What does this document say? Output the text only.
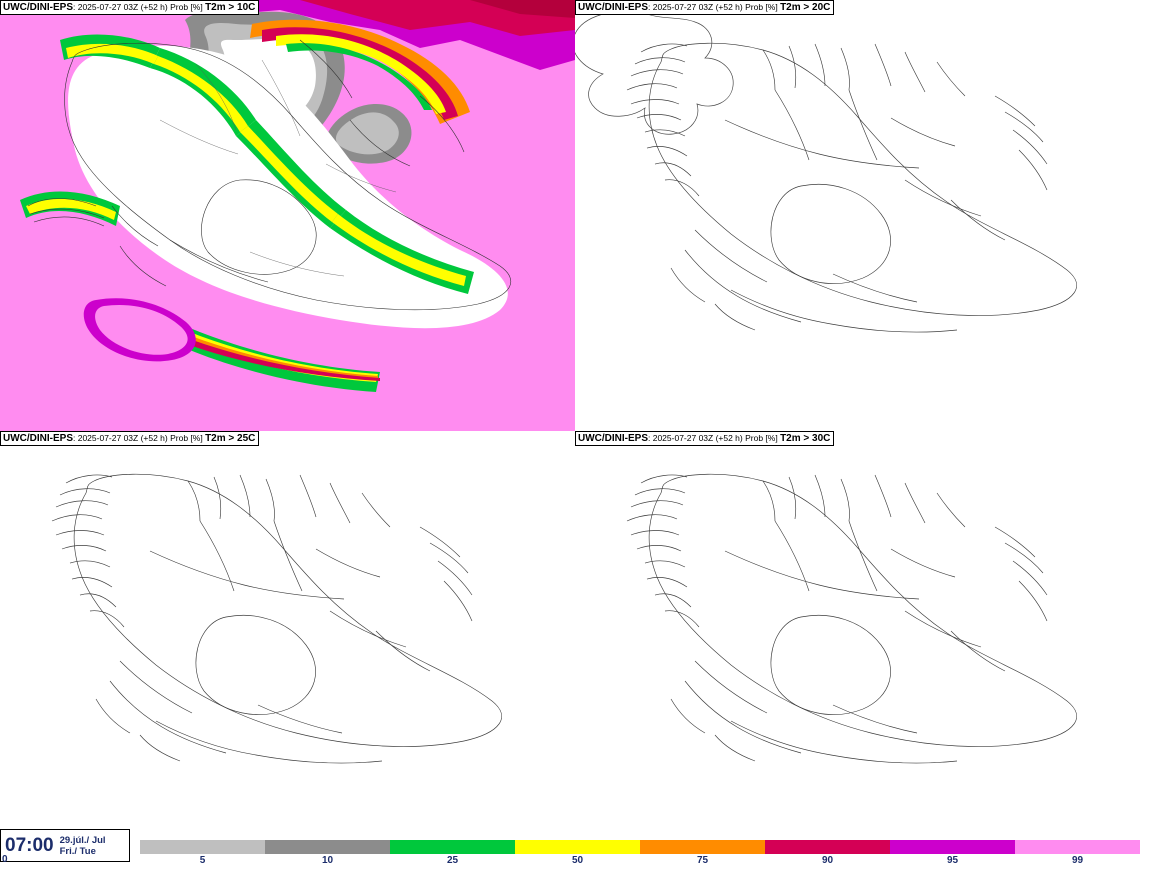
UWC/DINI-EPS: 2025-07-27 03Z (+52 h) Prob [%] T2m > 10C	UWC/DINI-EPS: 2025-07-27 03Z (+52 h) Prob [%] T2m > 20C
UWC/DINI-EPS: 2025-07-27 03Z (+52 h) Prob [%] T2m > 25C	UWC/DINI-EPS: 2025-07-27 03Z (+52 h) Prob [%] T2m > 30C
07:00 29.júl./ Jul
Fri./ Tue
0	5	10	25	50	75	90	95	99
